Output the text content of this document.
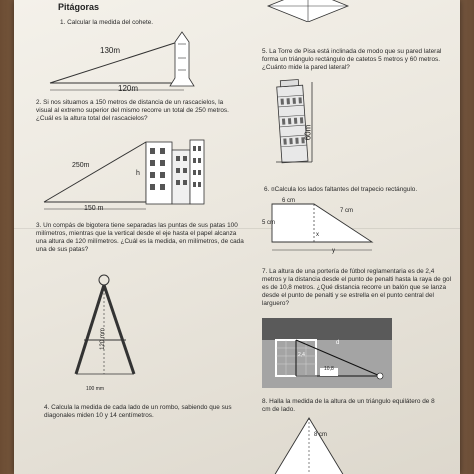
Pitágoras
1. Calcular la medida del cohete.
130m
120m
2. Si nos situamos a 150 metros de distancia de un rascacielos, la visual al extremo superior del mismo recorre un total de 250 metros. ¿Cuál es la altura total del rascacielos?
250m
h
150 m
3. Un compás de bigotera tiene separadas las puntas de sus patas 100 milímetros, mientras que la vertical desde el eje hasta el papel alcanza una altura de 120 milímetros. ¿Cuál es la medida, en milímetros, de cada una de sus patas?
120 mm
100 mm
4. Calcula la medida de cada lado de un rombo, sabiendo que sus diagonales miden 10 y 14 centímetros.
5. La Torre de Pisa está inclinada de modo que su pared lateral forma un triángulo rectángulo de catetos 5 metros y 60 metros. ¿Cuánto mide la pared lateral?
60m
6. ¤Calcula los lados faltantes del trapecio rectángulo.
6 cm
7 cm
5 cm
x
y
7. La altura de una portería de fútbol reglamentaria es de 2,4 metros y la distancia desde el punto de penalti hasta la raya de gol es de 10,8 metros. ¿Qué distancia recorre un balón que se lanza desde el punto de penalti y se estrella en el punto central del larguero?
d
2,4
10,8
8. Halla la medida de la altura de un triángulo equilátero de 8 cm de lado.
8 cm
